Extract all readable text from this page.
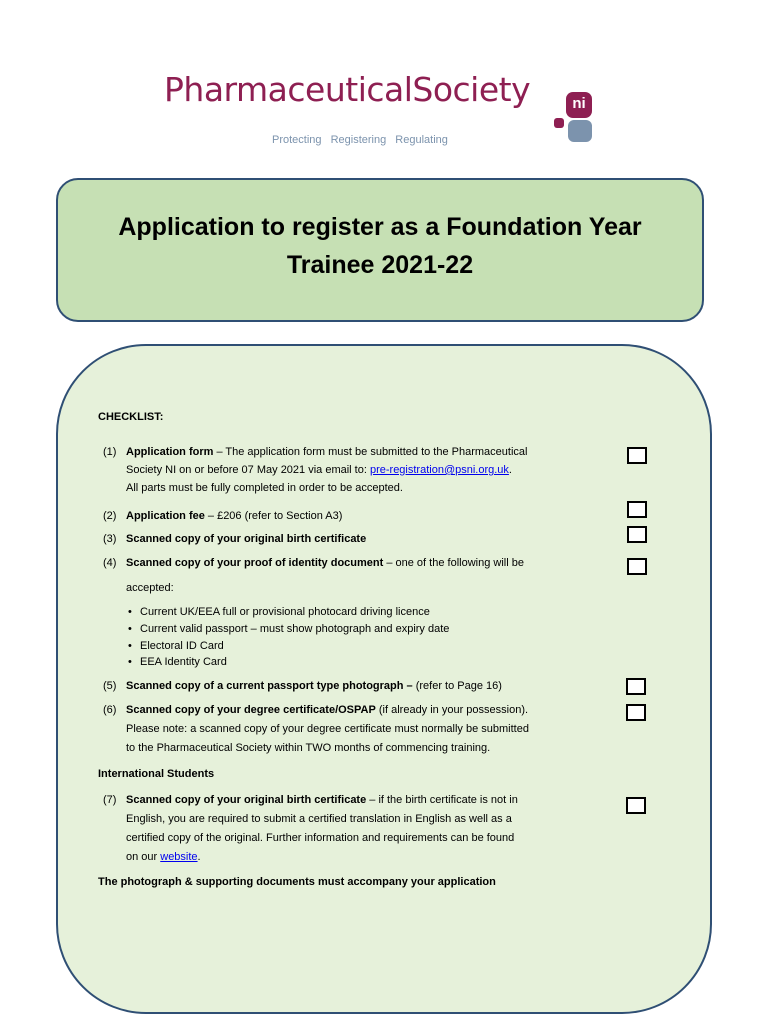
PharmaceuticalSociety	ni
Protecting Registering Regulating
Application to register as a Foundation Year
Trainee 2021-22
CHECKLIST:
(1) Application form – The application form must be submitted to the Pharmaceutical
Society NI on or before 07 May 2021 via email to: pre-registration@psni.org.uk.
All parts must be fully completed in order to be accepted.
(2) Application fee – £206 (refer to Section A3)
(3) Scanned copy of your original birth certificate
(4) Scanned copy of your proof of identity document – one of the following will be
accepted:
• Current UK/EEA full or provisional photocard driving licence
• Current valid passport – must show photograph and expiry date
• Electoral ID Card
• EEA Identity Card
(5) Scanned copy of a current passport type photograph – (refer to Page 16)
(6) Scanned copy of your degree certificate/OSPAP (if already in your possession).
Please note: a scanned copy of your degree certificate must normally be submitted
to the Pharmaceutical Society within TWO months of commencing training.
International Students
(7) Scanned copy of your original birth certificate – if the birth certificate is not in
English, you are required to submit a certified translation in English as well as a
certified copy of the original. Further information and requirements can be found
on our website.
The photograph & supporting documents must accompany your application
